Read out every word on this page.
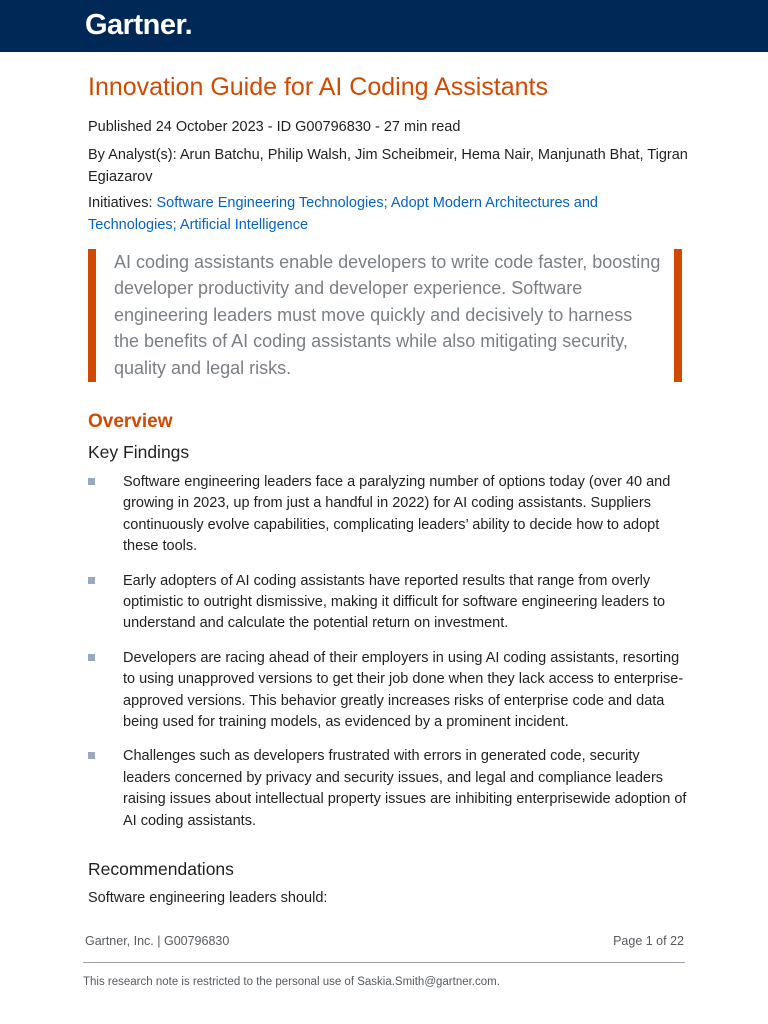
Gartner.
Innovation Guide for AI Coding Assistants
Published 24 October 2023 - ID G00796830 - 27 min read
By Analyst(s): Arun Batchu, Philip Walsh, Jim Scheibmeir, Hema Nair, Manjunath Bhat, Tigran Egiazarov
Initiatives: Software Engineering Technologies; Adopt Modern Architectures and Technologies; Artificial Intelligence
AI coding assistants enable developers to write code faster, boosting developer productivity and developer experience. Software engineering leaders must move quickly and decisively to harness the benefits of AI coding assistants while also mitigating security, quality and legal risks.
Overview
Key Findings
Software engineering leaders face a paralyzing number of options today (over 40 and growing in 2023, up from just a handful in 2022) for AI coding assistants. Suppliers continuously evolve capabilities, complicating leaders’ ability to decide how to adopt these tools.
Early adopters of AI coding assistants have reported results that range from overly optimistic to outright dismissive, making it difficult for software engineering leaders to understand and calculate the potential return on investment.
Developers are racing ahead of their employers in using AI coding assistants, resorting to using unapproved versions to get their job done when they lack access to enterprise-approved versions. This behavior greatly increases risks of enterprise code and data being used for training models, as evidenced by a prominent incident.
Challenges such as developers frustrated with errors in generated code, security leaders concerned by privacy and security issues, and legal and compliance leaders raising issues about intellectual property issues are inhibiting enterprisewide adoption of AI coding assistants.
Recommendations
Software engineering leaders should:
Gartner, Inc. | G00796830	Page 1 of 22
This research note is restricted to the personal use of Saskia.Smith@gartner.com.
